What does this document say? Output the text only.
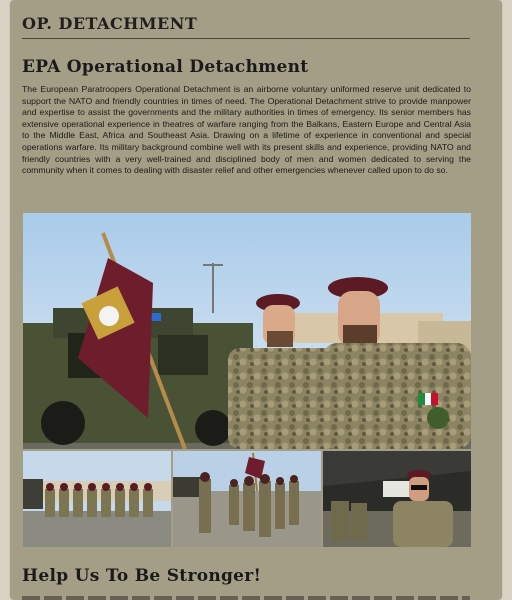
OP. DETACHMENT
EPA Operational Detachment

The European Paratroopers Operational Detachment is an airborne voluntary uniformed reserve unit dedicated to support the NATO and friendly countries in times of need. The Operational Detachment strive to provide manpower and expertise to assist the governments and the military authorities in times of emergency. Its senior members has extensive operational experience in theatres of warfare ranging from the Balkans, Eastern Europe and Central Asia to the Middle East, Africa and Southeast Asia. Drawing on a lifetime of experience in conventional and special operations warfare. Its military background combine well with its present skills and experience, providing NATO and friendly countries with a very well-trained and disciplined body of men and women dedicated to serving the community when it comes to dealing with disaster relief and other emergencies whenever called upon to do so.

Help Us To Be Stronger!
